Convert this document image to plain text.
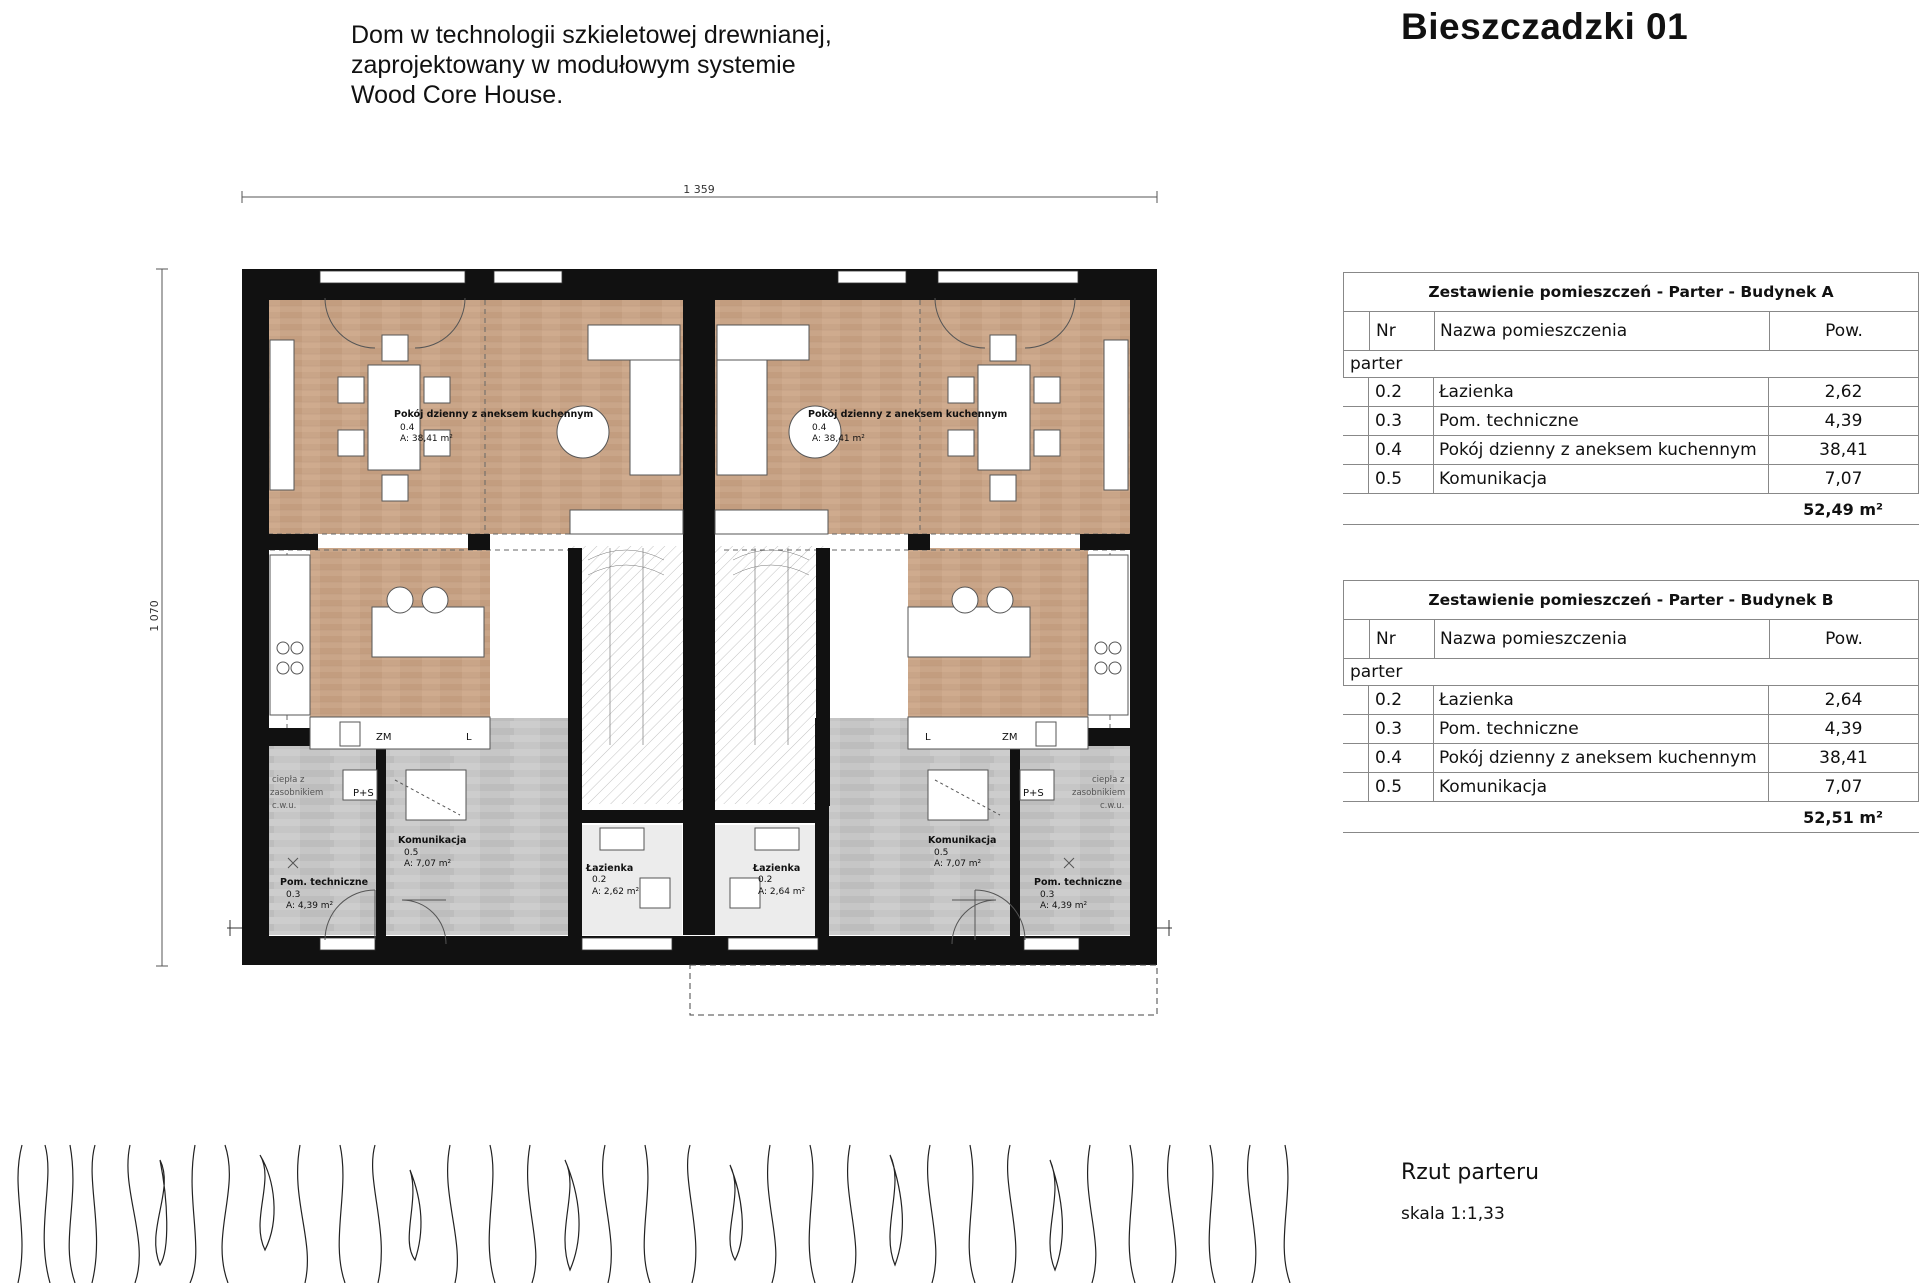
Dom w technologii szkieletowej drewnianej,
zaprojektowany w modułowym systemie
Wood Core House.
Bieszczadzki 01
1 359
1 070
Pokój dzienny z aneksem kuchennym
0.4
A: 38,41 m²
Pom. techniczne
0.3
A: 4,39 m²
Komunikacja
0.5
A: 7,07 m²	Łazienka
0.2
A: 2,62 m²
ZM	L
P+S
ciepła z
zasobnikiem
c.w.u.
Pokój dzienny z aneksem kuchennym
0.4
A: 38,41 m²
Pom. techniczne
0.3
A: 4,39 m²
Komunikacja
0.5
A: 7,07 m²
Łazienka
0.2
A: 2,64 m²
L	ZM
P+S
ciepła z
zasobnikiem
c.w.u.
Zestawienie pomieszczeń - Parter - Budynek A
Nr	Nazwa pomieszczenia	Pow.
parter
0.2	Łazienka	2,62
0.3	Pom. techniczne	4,39
0.4	Pokój dzienny z aneksem kuchennym	38,41
0.5	Komunikacja	7,07
52,49 m²
Zestawienie pomieszczeń - Parter - Budynek B
Nr	Nazwa pomieszczenia	Pow.
parter
0.2	Łazienka	2,64
0.3	Pom. techniczne	4,39
0.4	Pokój dzienny z aneksem kuchennym	38,41
0.5	Komunikacja	7,07
52,51 m²
Rzut parteru
skala 1:1,33
